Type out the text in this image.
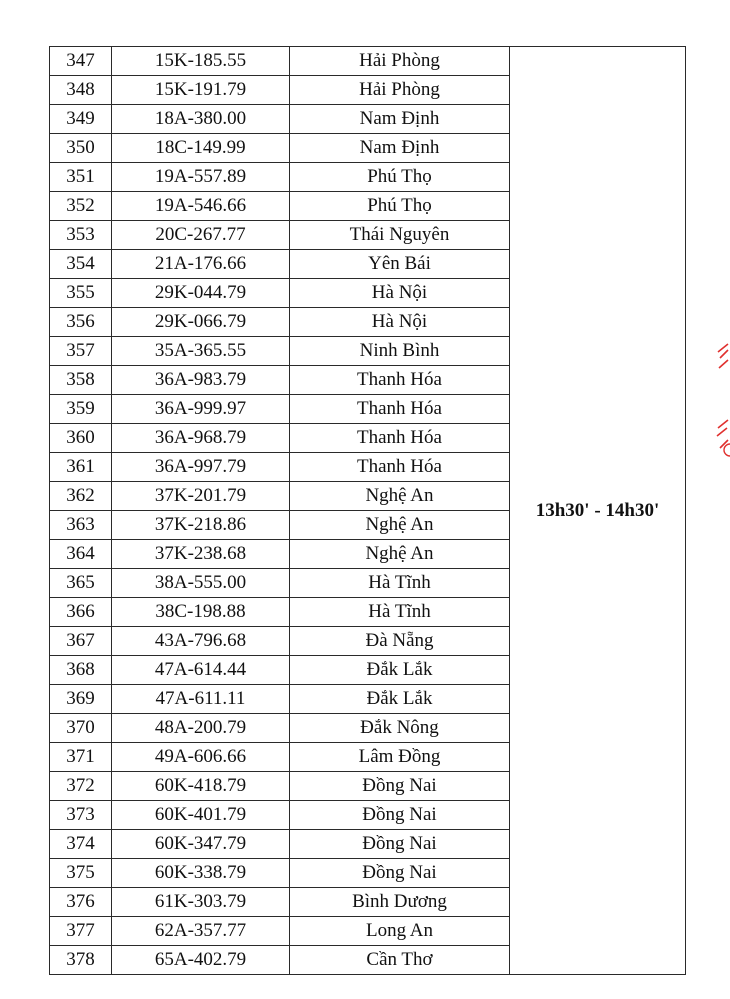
347	15K-185.55	Hải Phòng	13h30' - 14h30'
348	15K-191.79	Hải Phòng	
349	18A-380.00	Nam Định	
350	18C-149.99	Nam Định	
351	19A-557.89	Phú Thọ	
352	19A-546.66	Phú Thọ	
353	20C-267.77	Thái Nguyên	
354	21A-176.66	Yên Bái	
355	29K-044.79	Hà Nội	
356	29K-066.79	Hà Nội	
357	35A-365.55	Ninh Bình	
358	36A-983.79	Thanh Hóa	
359	36A-999.97	Thanh Hóa	
360	36A-968.79	Thanh Hóa	
361	36A-997.79	Thanh Hóa	
362	37K-201.79	Nghệ An	
363	37K-218.86	Nghệ An	
364	37K-238.68	Nghệ An	
365	38A-555.00	Hà Tĩnh	
366	38C-198.88	Hà Tĩnh	
367	43A-796.68	Đà Nẵng	
368	47A-614.44	Đắk Lắk	
369	47A-611.11	Đắk Lắk	
370	48A-200.79	Đắk Nông	
371	49A-606.66	Lâm Đồng	
372	60K-418.79	Đồng Nai	
373	60K-401.79	Đồng Nai	
374	60K-347.79	Đồng Nai	
375	60K-338.79	Đồng Nai	
376	61K-303.79	Bình Dương	
377	62A-357.77	Long An	
378	65A-402.79	Cần Thơ	
